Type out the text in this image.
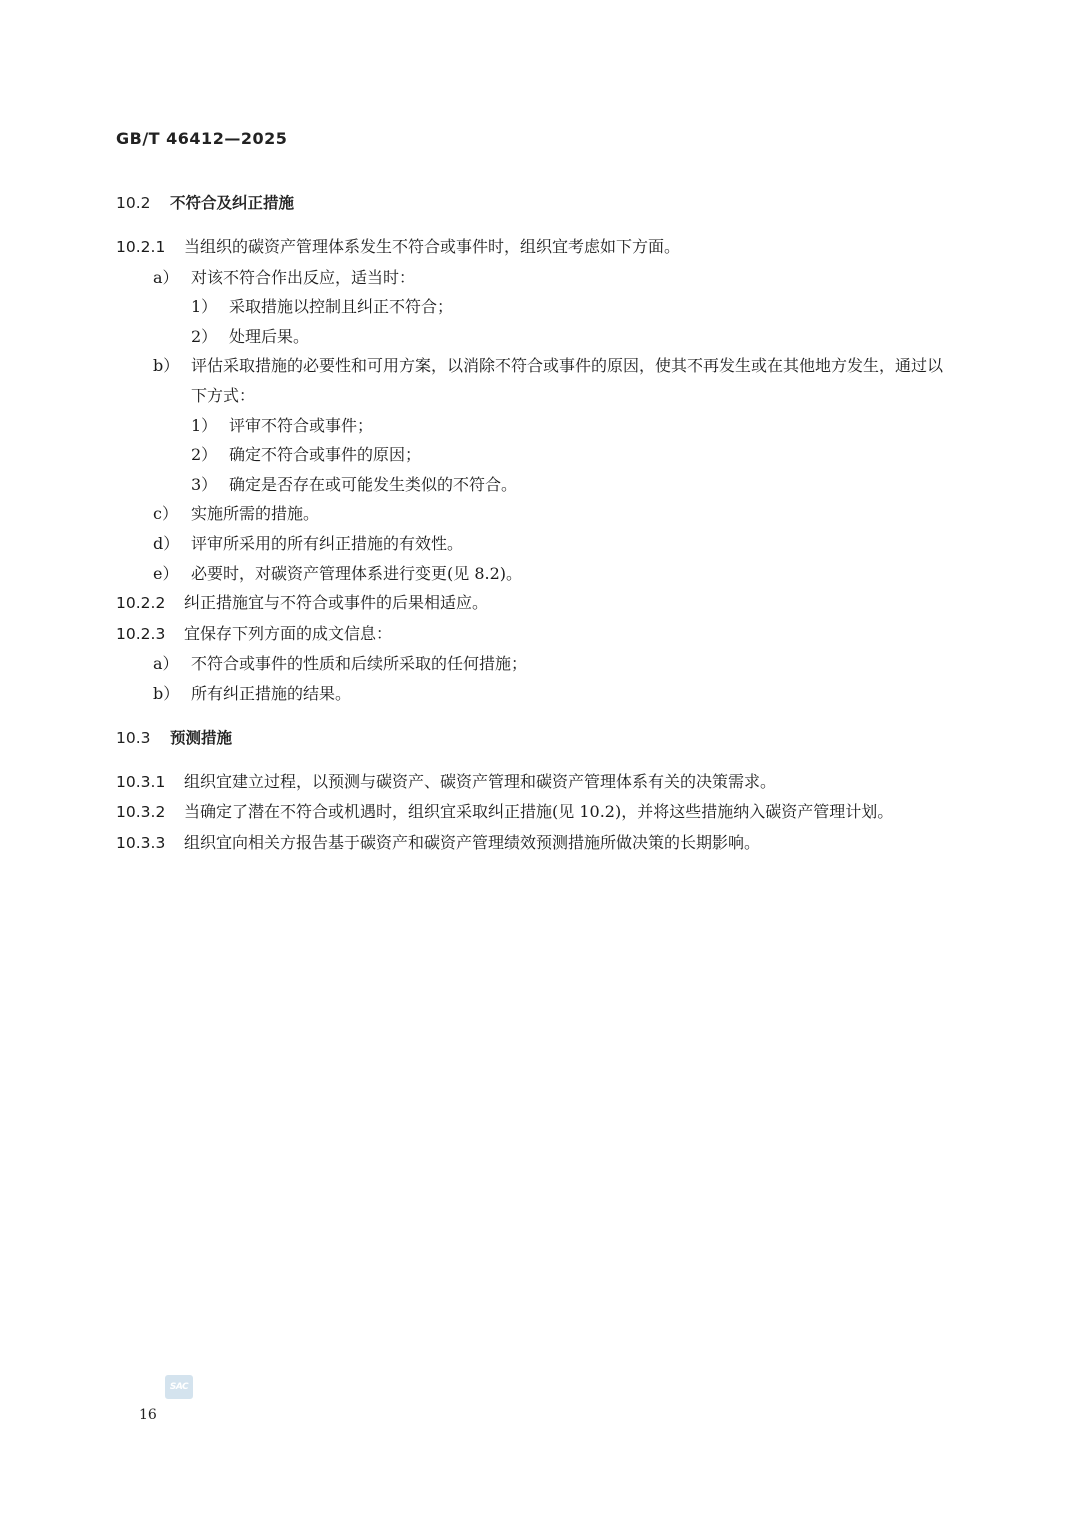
GB/T 46412—2025
10.2 不符合及纠正措施
10.2.1 当组织的碳资产管理体系发生不符合或事件时，组织宜考虑如下方面。
a） 对该不符合作出反应，适当时：
1） 采取措施以控制且纠正不符合；
2） 处理后果。
b） 评估采取措施的必要性和可用方案，以消除不符合或事件的原因，使其不再发生或在其他地方发生，通过以下方式：
1） 评审不符合或事件；
2） 确定不符合或事件的原因；
3） 确定是否存在或可能发生类似的不符合。
c） 实施所需的措施。
d） 评审所采用的所有纠正措施的有效性。
e） 必要时，对碳资产管理体系进行变更(见 8.2)。
10.2.2 纠正措施宜与不符合或事件的后果相适应。
10.2.3 宜保存下列方面的成文信息：
a） 不符合或事件的性质和后续所采取的任何措施；
b） 所有纠正措施的结果。
10.3 预测措施
10.3.1 组织宜建立过程，以预测与碳资产、碳资产管理和碳资产管理体系有关的决策需求。
10.3.2 当确定了潜在不符合或机遇时，组织宜采取纠正措施(见 10.2)，并将这些措施纳入碳资产管理计划。
10.3.3 组织宜向相关方报告基于碳资产和碳资产管理绩效预测措施所做决策的长期影响。
SAC
16
